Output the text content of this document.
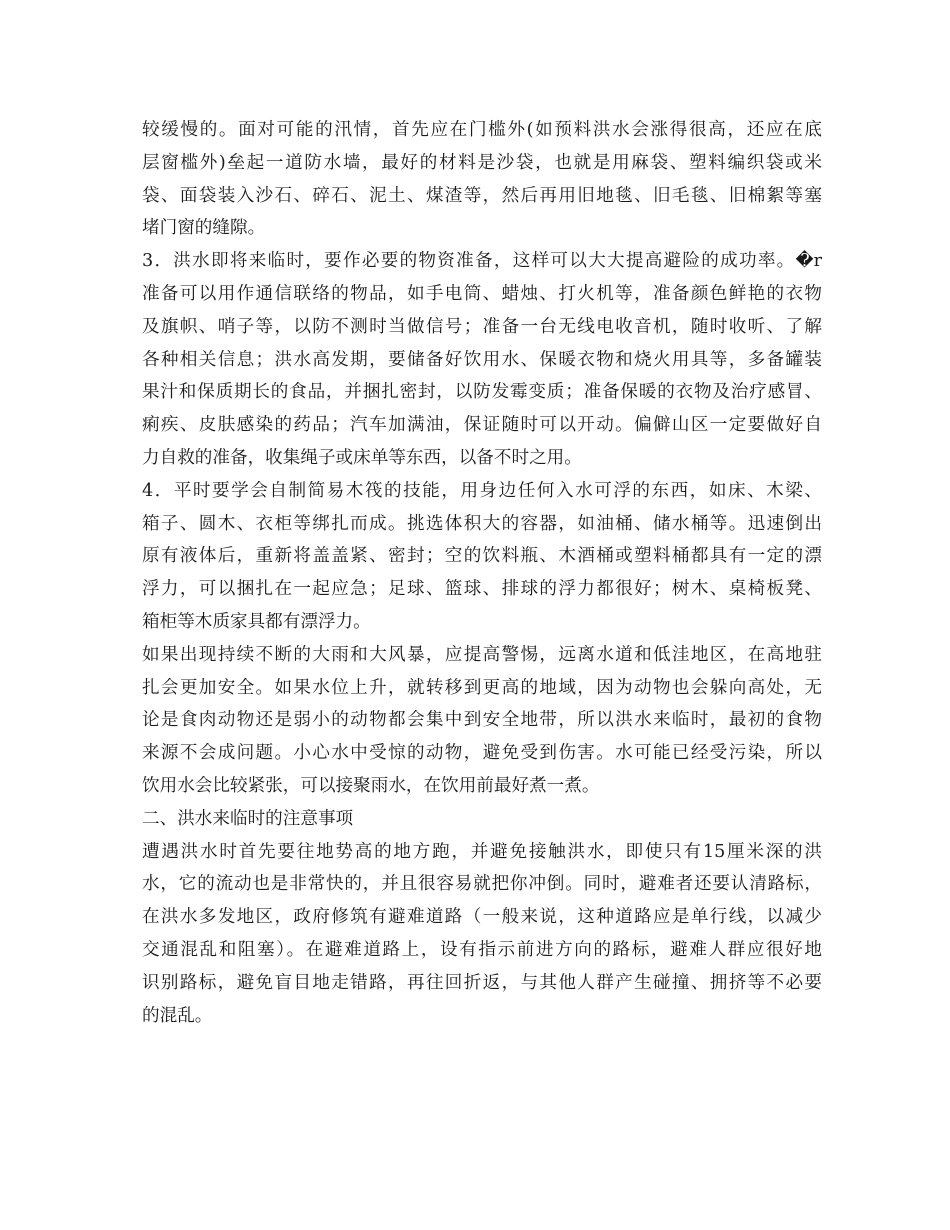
较缓慢的。面对可能的汛情，首先应在门槛外(如预料洪水会涨得很高，还应在底
层窗槛外)垒起一道防水墙，最好的材料是沙袋，也就是用麻袋、塑料编织袋或米
袋、面袋装入沙石、碎石、泥土、煤渣等，然后再用旧地毯、旧毛毯、旧棉絮等塞
堵门窗的缝隙。
3．洪水即将来临时，要作必要的物资准备，这样可以大大提高避险的成功率。�r
准备可以用作通信联络的物品，如手电筒、蜡烛、打火机等，准备颜色鲜艳的衣物
及旗帜、哨子等，以防不测时当做信号；准备一台无线电收音机，随时收听、了解
各种相关信息；洪水高发期，要储备好饮用水、保暖衣物和烧火用具等，多备罐装
果汁和保质期长的食品，并捆扎密封，以防发霉变质；准备保暖的衣物及治疗感冒、
痢疾、皮肤感染的药品；汽车加满油，保证随时可以开动。偏僻山区一定要做好自
力自救的准备，收集绳子或床单等东西，以备不时之用。
4．平时要学会自制简易木筏的技能，用身边任何入水可浮的东西，如床、木梁、
箱子、圆木、衣柜等绑扎而成。挑选体积大的容器，如油桶、储水桶等。迅速倒出
原有液体后，重新将盖盖紧、密封；空的饮料瓶、木酒桶或塑料桶都具有一定的漂
浮力，可以捆扎在一起应急；足球、篮球、排球的浮力都很好；树木、桌椅板凳、
箱柜等木质家具都有漂浮力。
如果出现持续不断的大雨和大风暴，应提高警惕，远离水道和低洼地区，在高地驻
扎会更加安全。如果水位上升，就转移到更高的地域，因为动物也会躲向高处，无
论是食肉动物还是弱小的动物都会集中到安全地带，所以洪水来临时，最初的食物
来源不会成问题。小心水中受惊的动物，避免受到伤害。水可能已经受污染，所以
饮用水会比较紧张，可以接聚雨水，在饮用前最好煮一煮。
二、洪水来临时的注意事项
遭遇洪水时首先要往地势高的地方跑，并避免接触洪水，即使只有15厘米深的洪
水，它的流动也是非常快的，并且很容易就把你冲倒。同时，避难者还要认清路标，
在洪水多发地区，政府修筑有避难道路（一般来说，这种道路应是单行线，以减少
交通混乱和阻塞）。在避难道路上，设有指示前进方向的路标，避难人群应很好地
识别路标，避免盲目地走错路，再往回折返，与其他人群产生碰撞、拥挤等不必要
的混乱。
